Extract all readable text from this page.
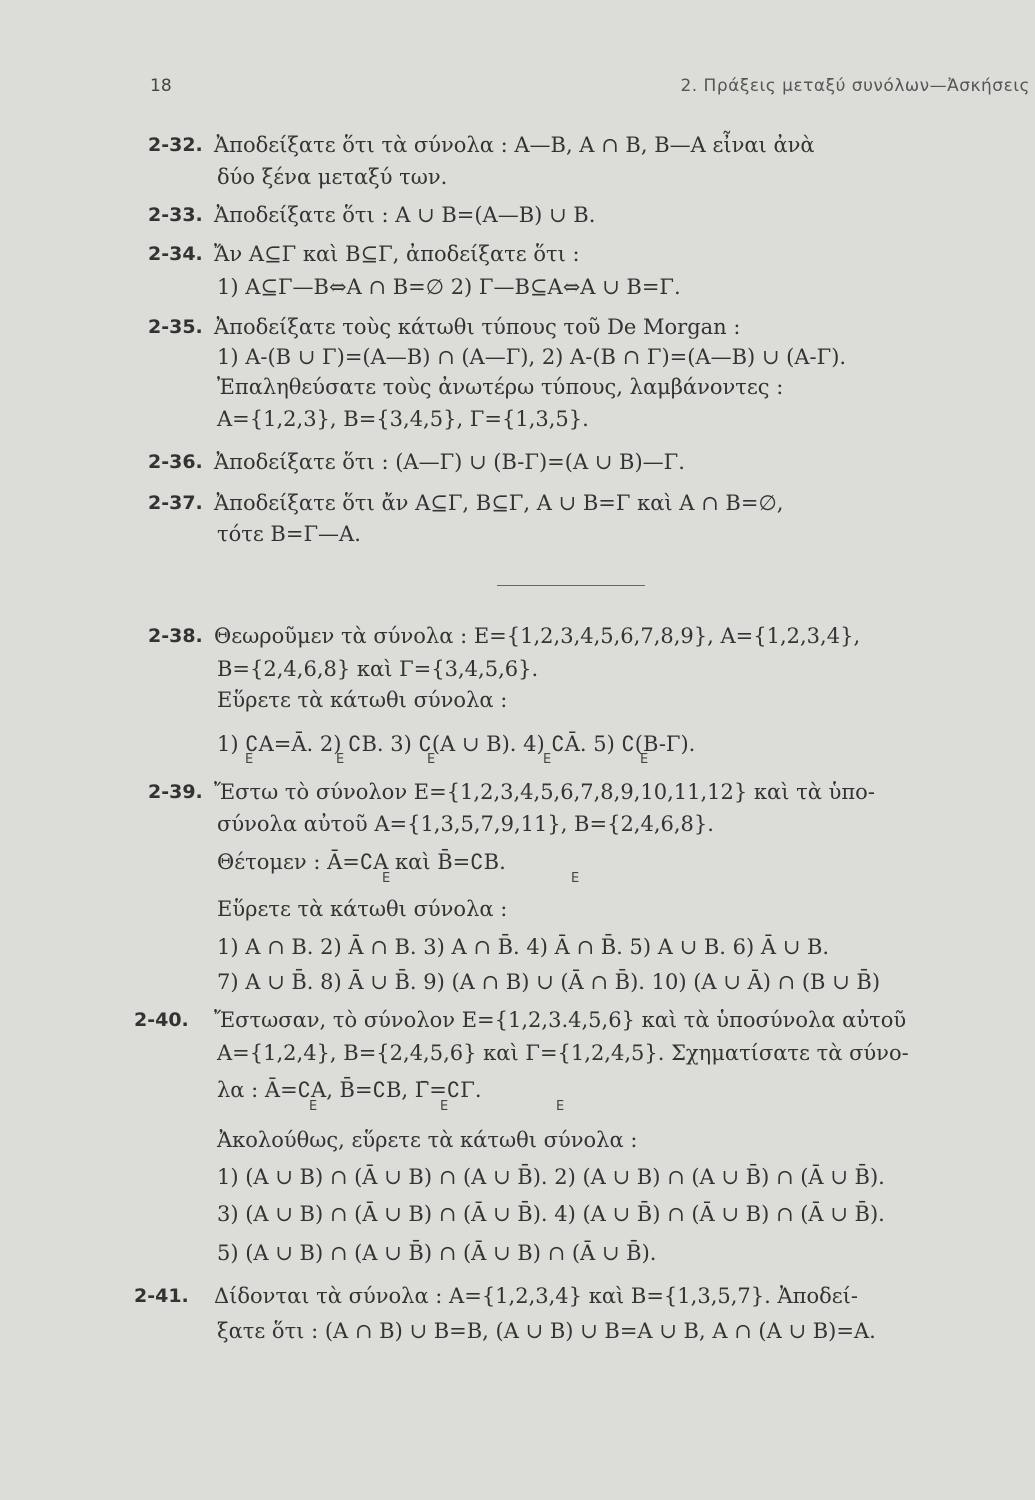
18	2. Πράξεις μεταξύ συνόλων—Ἀσκήσεις
2-32. Ἀποδείξατε ὅτι τὰ σύνολα : A—B, A ∩ B, B—A εἶναι ἀνὰ
δύο ξένα μεταξύ των.
2-33. Ἀποδείξατε ὅτι : A ∪ B=(A—B) ∪ B.
2-34. Ἄν A⊆Γ καὶ B⊆Γ, ἀποδείξατε ὅτι :
1) A⊆Γ—B⇔A ∩ B=∅ 2) Γ—B⊆A⇔A ∪ B=Γ.
2-35. Ἀποδείξατε τοὺς κάτωθι τύπους τοῦ De Morgan :
1) A-(B ∪ Γ)=(A—B) ∩ (A—Γ), 2) A-(B ∩ Γ)=(A—B) ∪ (A-Γ).
Ἐπαληθεύσατε τοὺς ἀνωτέρω τύπους, λαμβάνοντες :
A={1,2,3}, B={3,4,5}, Γ={1,3,5}.
2-36. Ἀποδείξατε ὅτι : (A—Γ) ∪ (B-Γ)=(A ∪ B)—Γ.
2-37. Ἀποδείξατε ὅτι ἄν A⊆Γ, B⊆Γ, A ∪ B=Γ καὶ A ∩ B=∅,
τότε B=Γ—A.
2-38. Θεωροῦμεν τὰ σύνολα : E={1,2,3,4,5,6,7,8,9}, A={1,2,3,4},
B={2,4,6,8} καὶ Γ={3,4,5,6}.
Εὕρετε τὰ κάτωθι σύνολα :
1) ∁A=Ā. 2) ∁B. 3) ∁(A ∪ B). 4) ∁Ā. 5) ∁(B-Γ).
E	E	E	E	E
2-39. Ἔστω τὸ σύνολον E={1,2,3,4,5,6,7,8,9,10,11,12} καὶ τὰ ὑπο-
σύνολα αὐτοῦ A={1,3,5,7,9,11}, B={2,4,6,8}.
Θέτομεν : Ā=∁A καὶ B̄=∁B.
E	E
Εὕρετε τὰ κάτωθι σύνολα :
1) A ∩ B. 2) Ā ∩ B. 3) A ∩ B̄. 4) Ā ∩ B̄. 5) A ∪ B. 6) Ā ∪ B.
7) A ∪ B̄. 8) Ā ∪ B̄. 9) (A ∩ B) ∪ (Ā ∩ B̄). 10) (A ∪ Ā) ∩ (B ∪ B̄)
2-40. Ἔστωσαν, τὸ σύνολον E={1,2,3.4,5,6} καὶ τὰ ὑποσύνολα αὐτοῦ
A={1,2,4}, B={2,4,5,6} καὶ Γ={1,2,4,5}. Σχηματίσατε τὰ σύνο-
λα : Ā=∁A, B̄=∁B, Γ̄=∁Γ.
E	E	E
Ἀκολούθως, εὕρετε τὰ κάτωθι σύνολα :
1) (A ∪ B) ∩ (Ā ∪ B) ∩ (A ∪ B̄). 2) (A ∪ B) ∩ (A ∪ B̄) ∩ (Ā ∪ B̄).
3) (A ∪ B) ∩ (Ā ∪ B) ∩ (Ā ∪ B̄). 4) (A ∪ B̄) ∩ (Ā ∪ B) ∩ (Ā ∪ B̄).
5) (A ∪ B) ∩ (A ∪ B̄) ∩ (Ā ∪ B) ∩ (Ā ∪ B̄).
2-41. Δίδονται τὰ σύνολα : A={1,2,3,4} καὶ B={1,3,5,7}. Ἀποδεί-
ξατε ὅτι : (A ∩ B) ∪ B=B, (A ∪ B) ∪ B=A ∪ B, A ∩ (A ∪ B)=A.
